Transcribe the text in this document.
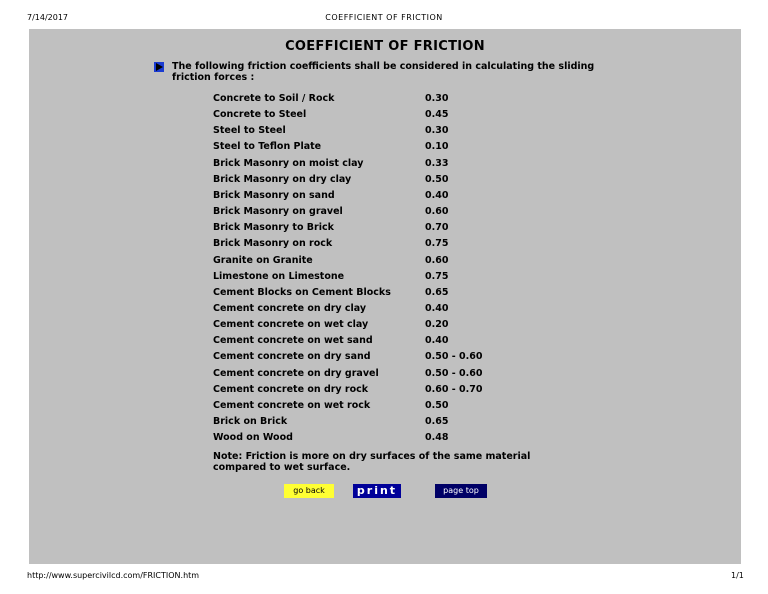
7/14/2017	COEFFICIENT OF FRICTION
COEFFICIENT OF FRICTION
The following friction coefficients shall be considered in calculating the sliding friction forces :
Concrete to Soil / Rock	0.30
Concrete to Steel	0.45
Steel to Steel	0.30
Steel to Teflon Plate	0.10
Brick Masonry on moist clay	0.33
Brick Masonry on dry clay	0.50
Brick Masonry on sand	0.40
Brick Masonry on gravel	0.60
Brick Masonry to Brick	0.70
Brick Masonry on rock	0.75
Granite on Granite	0.60
Limestone on Limestone	0.75
Cement Blocks on Cement Blocks	0.65
Cement concrete on dry clay	0.40
Cement concrete on wet clay	0.20
Cement concrete on wet sand	0.40
Cement concrete on dry sand	0.50 - 0.60
Cement concrete on dry gravel	0.50 - 0.60
Cement concrete on dry rock	0.60 - 0.70
Cement concrete on wet rock	0.50
Brick on Brick	0.65
Wood on Wood	0.48
Note: Friction is more on dry surfaces of the same material compared to wet surface.
go back	print	page top
http://www.supercivilcd.com/FRICTION.htm	1/1
